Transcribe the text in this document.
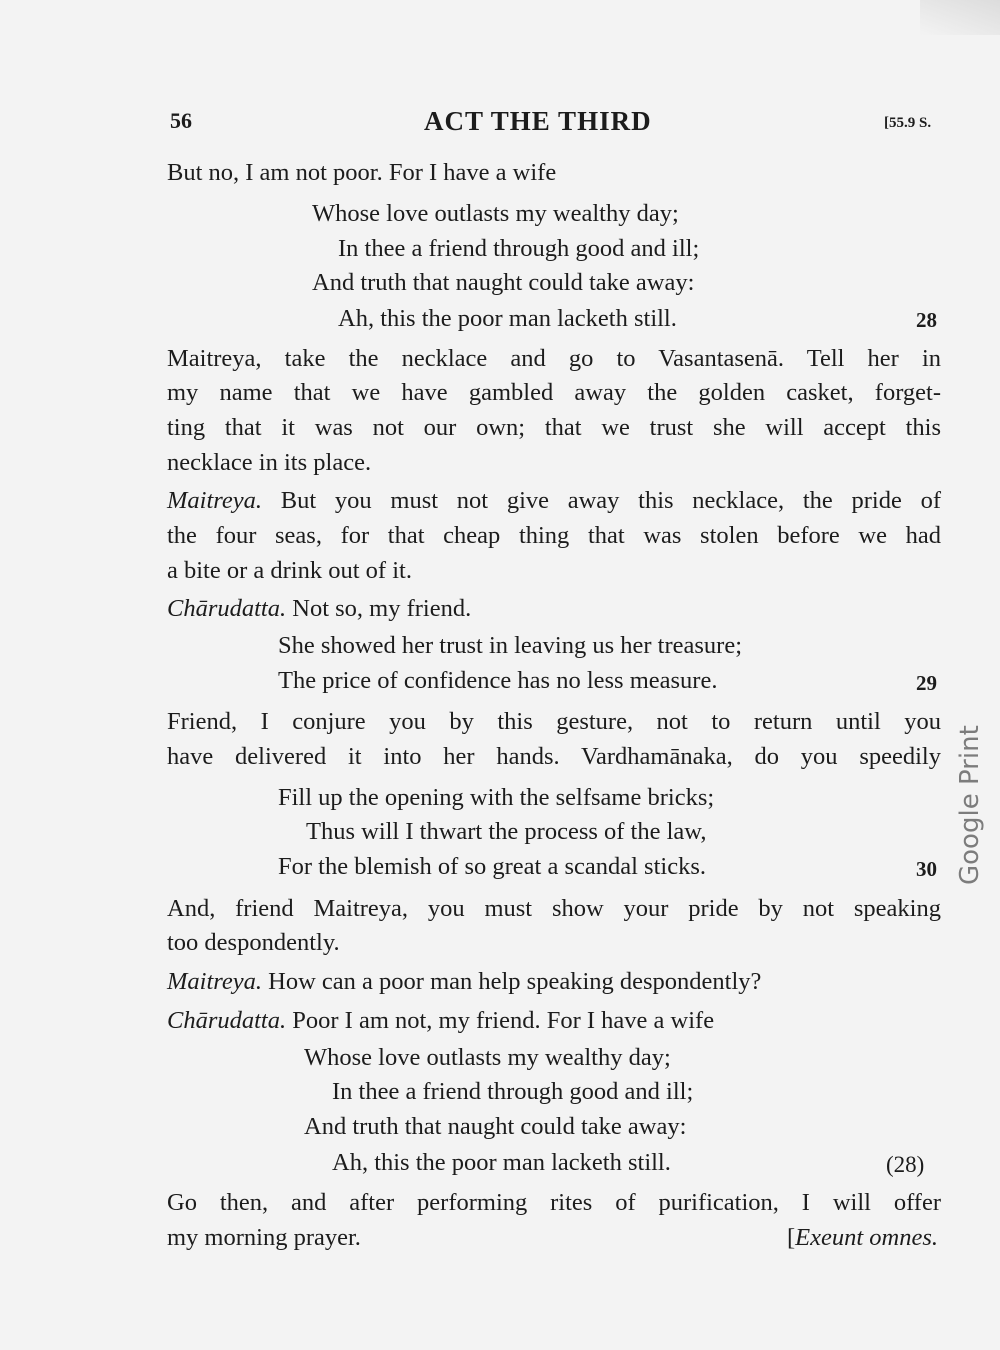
56	ACT THE THIRD	[55.9 S.
But no, I am not poor. For I have a wife
Whose love outlasts my wealthy day;
In thee a friend through good and ill;
And truth that naught could take away:
Ah, this the poor man lacketh still.	28
Maitreya, take the necklace and go to Vasantasenā. Tell her in
my name that we have gambled away the golden casket, forget-
ting that it was not our own; that we trust she will accept this
necklace in its place.
Maitreya. But you must not give away this necklace, the pride of
the four seas, for that cheap thing that was stolen before we had
a bite or a drink out of it.
Chārudatta. Not so, my friend.
She showed her trust in leaving us her treasure;
The price of confidence has no less measure.	29
Friend, I conjure you by this gesture, not to return until you
have delivered it into her hands. Vardhamānaka, do you speedily
Fill up the opening with the selfsame bricks;
Thus will I thwart the process of the law,
For the blemish of so great a scandal sticks.	30
And, friend Maitreya, you must show your pride by not speaking
too despondently.
Maitreya. How can a poor man help speaking despondently?
Chārudatta. Poor I am not, my friend. For I have a wife
Whose love outlasts my wealthy day;
In thee a friend through good and ill;
And truth that naught could take away:
Ah, this the poor man lacketh still.	(28)
Go then, and after performing rites of purification, I will offer
my morning prayer.	[Exeunt omnes.
Google Print
